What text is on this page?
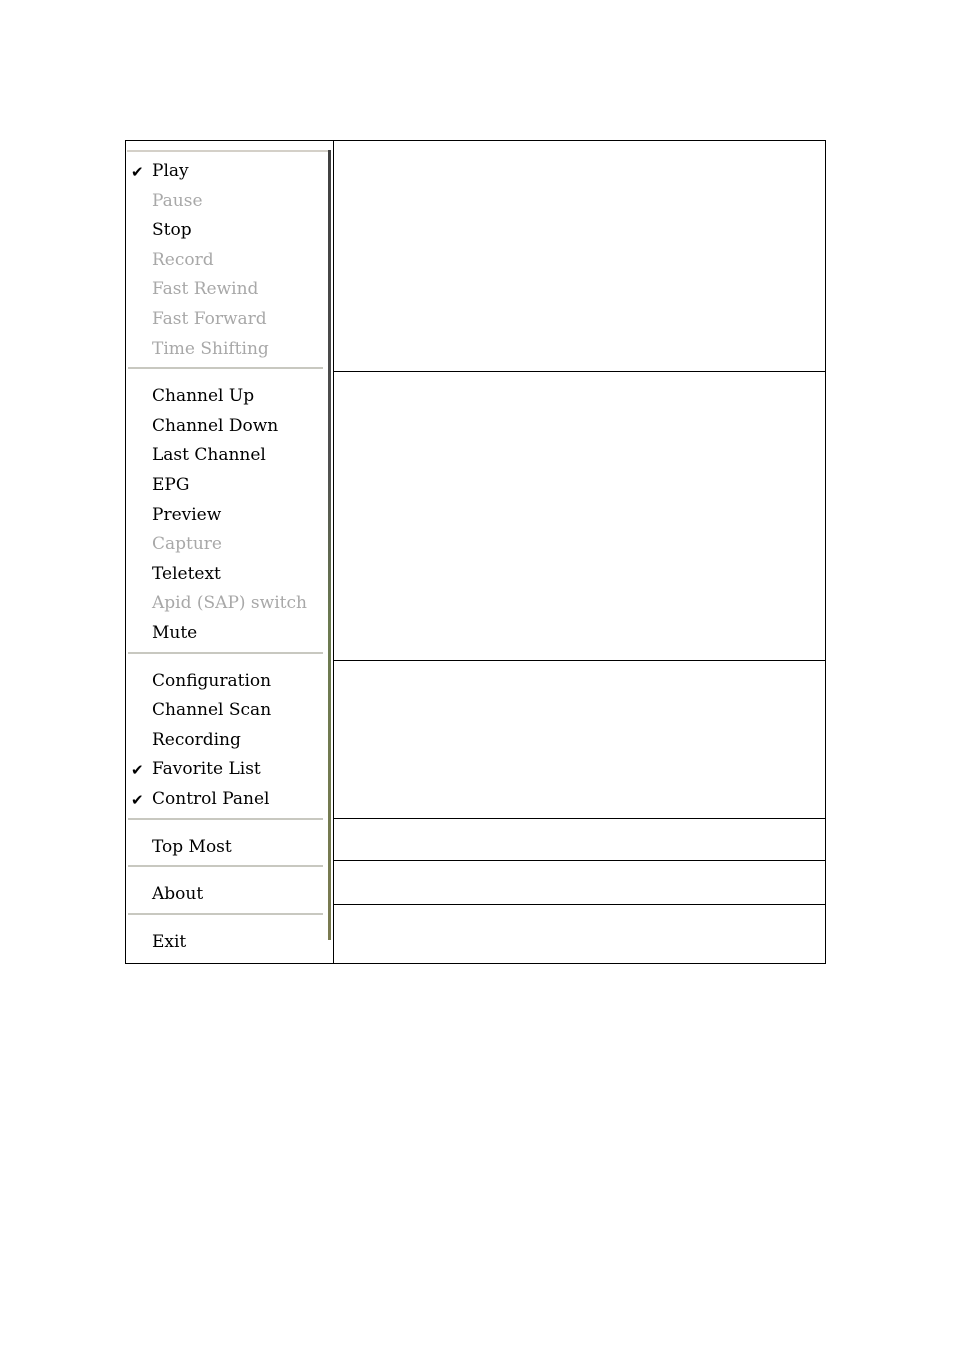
✔ Play
Pause
Stop
Record
Fast Rewind
Fast Forward
Time Shifting
Channel Up
Channel Down
Last Channel
EPG
Preview
Capture
Teletext
Apid (SAP) switch
Mute
Configuration
Channel Scan
Recording
✔ Favorite List
✔ Control Panel
Top Most
About
Exit
